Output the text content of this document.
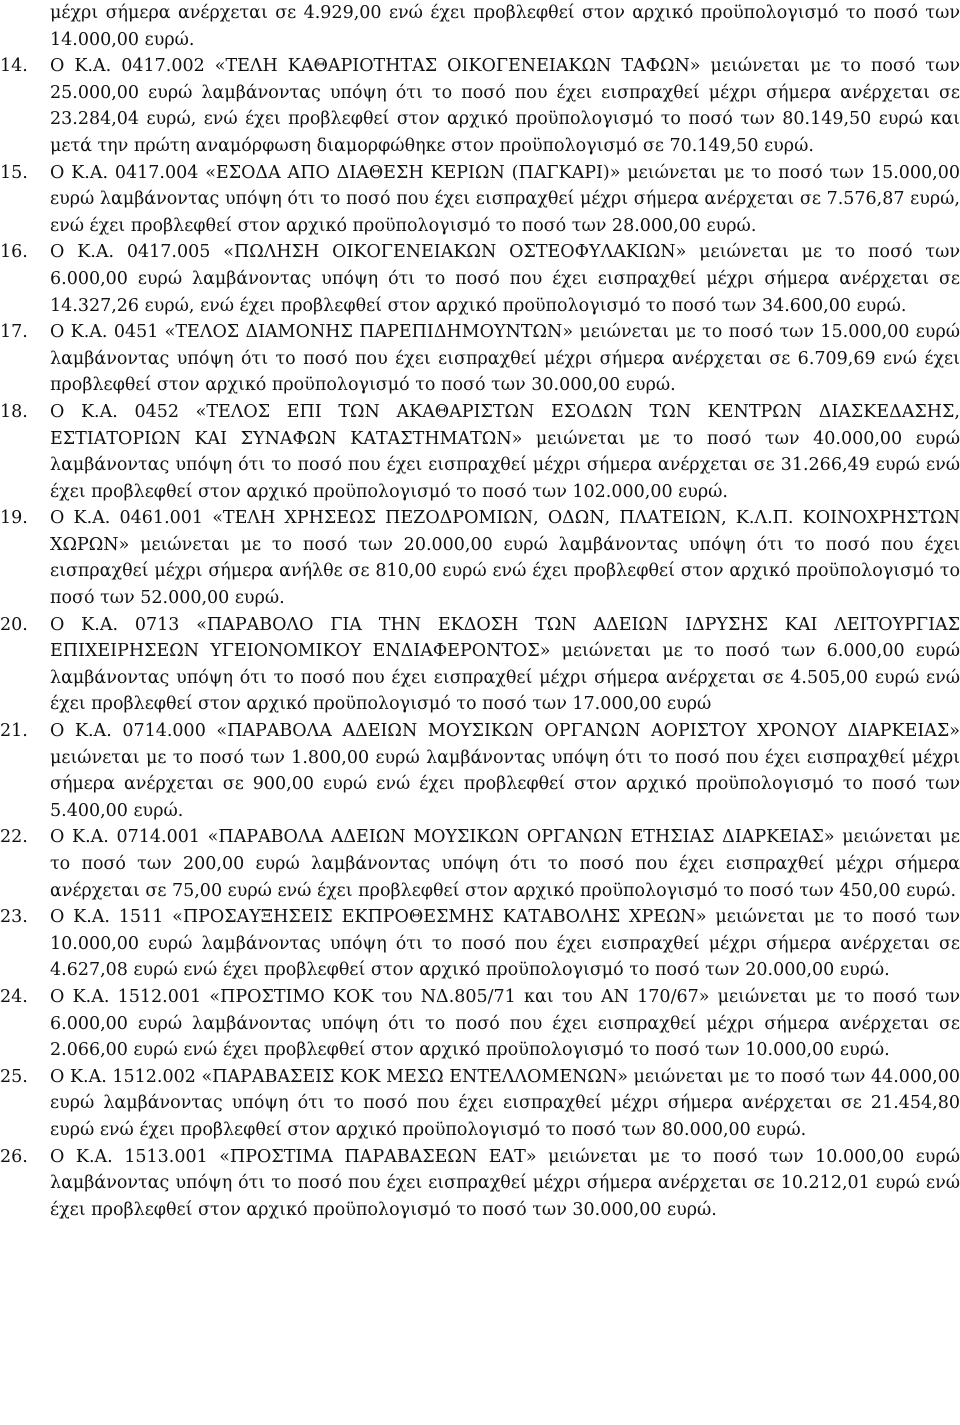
μέχρι σήμερα ανέρχεται σε 4.929,00 ενώ έχει προβλεφθεί στον αρχικό προϋπολογισμό το ποσό των 14.000,00 ευρώ.

14.	Ο Κ.Α. 0417.002 «ΤΕΛΗ ΚΑΘΑΡΙΟΤΗΤΑΣ ΟΙΚΟΓΕΝΕΙΑΚΩΝ ΤΑΦΩΝ» μειώνεται με το ποσό των 25.000,00 ευρώ λαμβάνοντας υπόψη ότι το ποσό που έχει εισπραχθεί μέχρι σήμερα ανέρχεται σε 23.284,04 ευρώ, ενώ έχει προβλεφθεί στον αρχικό προϋπολογισμό το ποσό των 80.149,50 ευρώ και μετά την πρώτη αναμόρφωση διαμορφώθηκε στον προϋπολογισμό σε 70.149,50 ευρώ.

15.	Ο Κ.Α. 0417.004 «ΕΣΟΔΑ ΑΠΟ ΔΙΑΘΕΣΗ ΚΕΡΙΩΝ (ΠΑΓΚΑΡΙ)» μειώνεται με το ποσό των 15.000,00 ευρώ λαμβάνοντας υπόψη ότι το ποσό που έχει εισπραχθεί μέχρι σήμερα ανέρχεται σε 7.576,87 ευρώ, ενώ έχει προβλεφθεί στον αρχικό προϋπολογισμό το ποσό των 28.000,00 ευρώ.

16.	Ο Κ.Α. 0417.005 «ΠΩΛΗΣΗ ΟΙΚΟΓΕΝΕΙΑΚΩΝ ΟΣΤΕΟΦΥΛΑΚΙΩΝ» μειώνεται με το ποσό των 6.000,00 ευρώ λαμβάνοντας υπόψη ότι το ποσό που έχει εισπραχθεί μέχρι σήμερα ανέρχεται σε 14.327,26 ευρώ, ενώ έχει προβλεφθεί στον αρχικό προϋπολογισμό το ποσό των 34.600,00 ευρώ.

17.	Ο Κ.Α. 0451 «ΤΕΛΟΣ ΔΙΑΜΟΝΗΣ ΠΑΡΕΠΙΔΗΜΟΥΝΤΩΝ» μειώνεται με το ποσό των 15.000,00 ευρώ λαμβάνοντας υπόψη ότι το ποσό που έχει εισπραχθεί μέχρι σήμερα ανέρχεται σε 6.709,69 ενώ έχει προβλεφθεί στον αρχικό προϋπολογισμό το ποσό των 30.000,00 ευρώ.

18.	Ο Κ.Α. 0452 «ΤΕΛΟΣ ΕΠΙ ΤΩΝ ΑΚΑΘΑΡΙΣΤΩΝ ΕΣΟΔΩΝ ΤΩΝ ΚΕΝΤΡΩΝ ΔΙΑΣΚΕΔΑΣΗΣ, ΕΣΤΙΑΤΟΡΙΩΝ ΚΑΙ ΣΥΝΑΦΩΝ ΚΑΤΑΣΤΗΜΑΤΩΝ» μειώνεται με το ποσό των 40.000,00 ευρώ λαμβάνοντας υπόψη ότι το ποσό που έχει εισπραχθεί μέχρι σήμερα ανέρχεται σε 31.266,49 ευρώ ενώ έχει προβλεφθεί στον αρχικό προϋπολογισμό το ποσό των 102.000,00 ευρώ.

19.	Ο Κ.Α. 0461.001 «ΤΕΛΗ ΧΡΗΣΕΩΣ ΠΕΖΟΔΡΟΜΙΩΝ, ΟΔΩΝ, ΠΛΑΤΕΙΩΝ, Κ.Λ.Π. ΚΟΙΝΟΧΡΗΣΤΩΝ ΧΩΡΩΝ» μειώνεται με το ποσό των 20.000,00 ευρώ λαμβάνοντας υπόψη ότι το ποσό που έχει εισπραχθεί μέχρι σήμερα ανήλθε σε 810,00 ευρώ ενώ έχει προβλεφθεί στον αρχικό προϋπολογισμό το ποσό των 52.000,00 ευρώ.

20.	Ο Κ.Α. 0713 «ΠΑΡΑΒΟΛΟ ΓΙΑ ΤΗΝ ΕΚΔΟΣΗ ΤΩΝ ΑΔΕΙΩΝ ΙΔΡΥΣΗΣ ΚΑΙ ΛΕΙΤΟΥΡΓΙΑΣ ΕΠΙΧΕΙΡΗΣΕΩΝ ΥΓΕΙΟΝΟΜΙΚΟΥ ΕΝΔΙΑΦΕΡΟΝΤΟΣ» μειώνεται με το ποσό των 6.000,00 ευρώ λαμβάνοντας υπόψη ότι το ποσό που έχει εισπραχθεί μέχρι σήμερα ανέρχεται σε 4.505,00 ευρώ ενώ έχει προβλεφθεί στον αρχικό προϋπολογισμό το ποσό των 17.000,00 ευρώ

21.	Ο Κ.Α. 0714.000 «ΠΑΡΑΒΟΛΑ ΑΔΕΙΩΝ ΜΟΥΣΙΚΩΝ ΟΡΓΑΝΩΝ ΑΟΡΙΣΤΟΥ ΧΡΟΝΟΥ ΔΙΑΡΚΕΙΑΣ» μειώνεται με το ποσό των 1.800,00 ευρώ λαμβάνοντας υπόψη ότι το ποσό που έχει εισπραχθεί μέχρι σήμερα ανέρχεται σε 900,00 ευρώ ενώ έχει προβλεφθεί στον αρχικό προϋπολογισμό το ποσό των 5.400,00 ευρώ.

22.	Ο Κ.Α. 0714.001 «ΠΑΡΑΒΟΛΑ ΑΔΕΙΩΝ ΜΟΥΣΙΚΩΝ ΟΡΓΑΝΩΝ ΕΤΗΣΙΑΣ ΔΙΑΡΚΕΙΑΣ» μειώνεται με το ποσό των 200,00 ευρώ λαμβάνοντας υπόψη ότι το ποσό που έχει εισπραχθεί μέχρι σήμερα ανέρχεται σε 75,00 ευρώ ενώ έχει προβλεφθεί στον αρχικό προϋπολογισμό το ποσό των 450,00 ευρώ.

23.	Ο Κ.Α. 1511 «ΠΡΟΣΑΥΞΗΣΕΙΣ ΕΚΠΡΟΘΕΣΜΗΣ ΚΑΤΑΒΟΛΗΣ ΧΡΕΩΝ» μειώνεται με το ποσό των 10.000,00 ευρώ λαμβάνοντας υπόψη ότι το ποσό που έχει εισπραχθεί μέχρι σήμερα ανέρχεται σε 4.627,08 ευρώ ενώ έχει προβλεφθεί στον αρχικό προϋπολογισμό το ποσό των 20.000,00 ευρώ.

24.	Ο Κ.Α. 1512.001 «ΠΡΟΣΤΙΜΟ ΚΟΚ του ΝΔ.805/71 και του ΑΝ 170/67» μειώνεται με το ποσό των 6.000,00 ευρώ λαμβάνοντας υπόψη ότι το ποσό που έχει εισπραχθεί μέχρι σήμερα ανέρχεται σε 2.066,00 ευρώ ενώ έχει προβλεφθεί στον αρχικό προϋπολογισμό το ποσό των 10.000,00 ευρώ.

25.	Ο Κ.Α. 1512.002 «ΠΑΡΑΒΑΣΕΙΣ ΚΟΚ ΜΕΣΩ ΕΝΤΕΛΛΟΜΕΝΩΝ» μειώνεται με το ποσό των 44.000,00 ευρώ λαμβάνοντας υπόψη ότι το ποσό που έχει εισπραχθεί μέχρι σήμερα ανέρχεται σε 21.454,80 ευρώ ενώ έχει προβλεφθεί στον αρχικό προϋπολογισμό το ποσό των 80.000,00 ευρώ.

26.	Ο Κ.Α. 1513.001 «ΠΡΟΣΤΙΜΑ ΠΑΡΑΒΑΣΕΩΝ ΕΑΤ» μειώνεται με το ποσό των 10.000,00 ευρώ λαμβάνοντας υπόψη ότι το ποσό που έχει εισπραχθεί μέχρι σήμερα ανέρχεται σε 10.212,01 ευρώ ενώ έχει προβλεφθεί στον αρχικό προϋπολογισμό το ποσό των 30.000,00 ευρώ.
